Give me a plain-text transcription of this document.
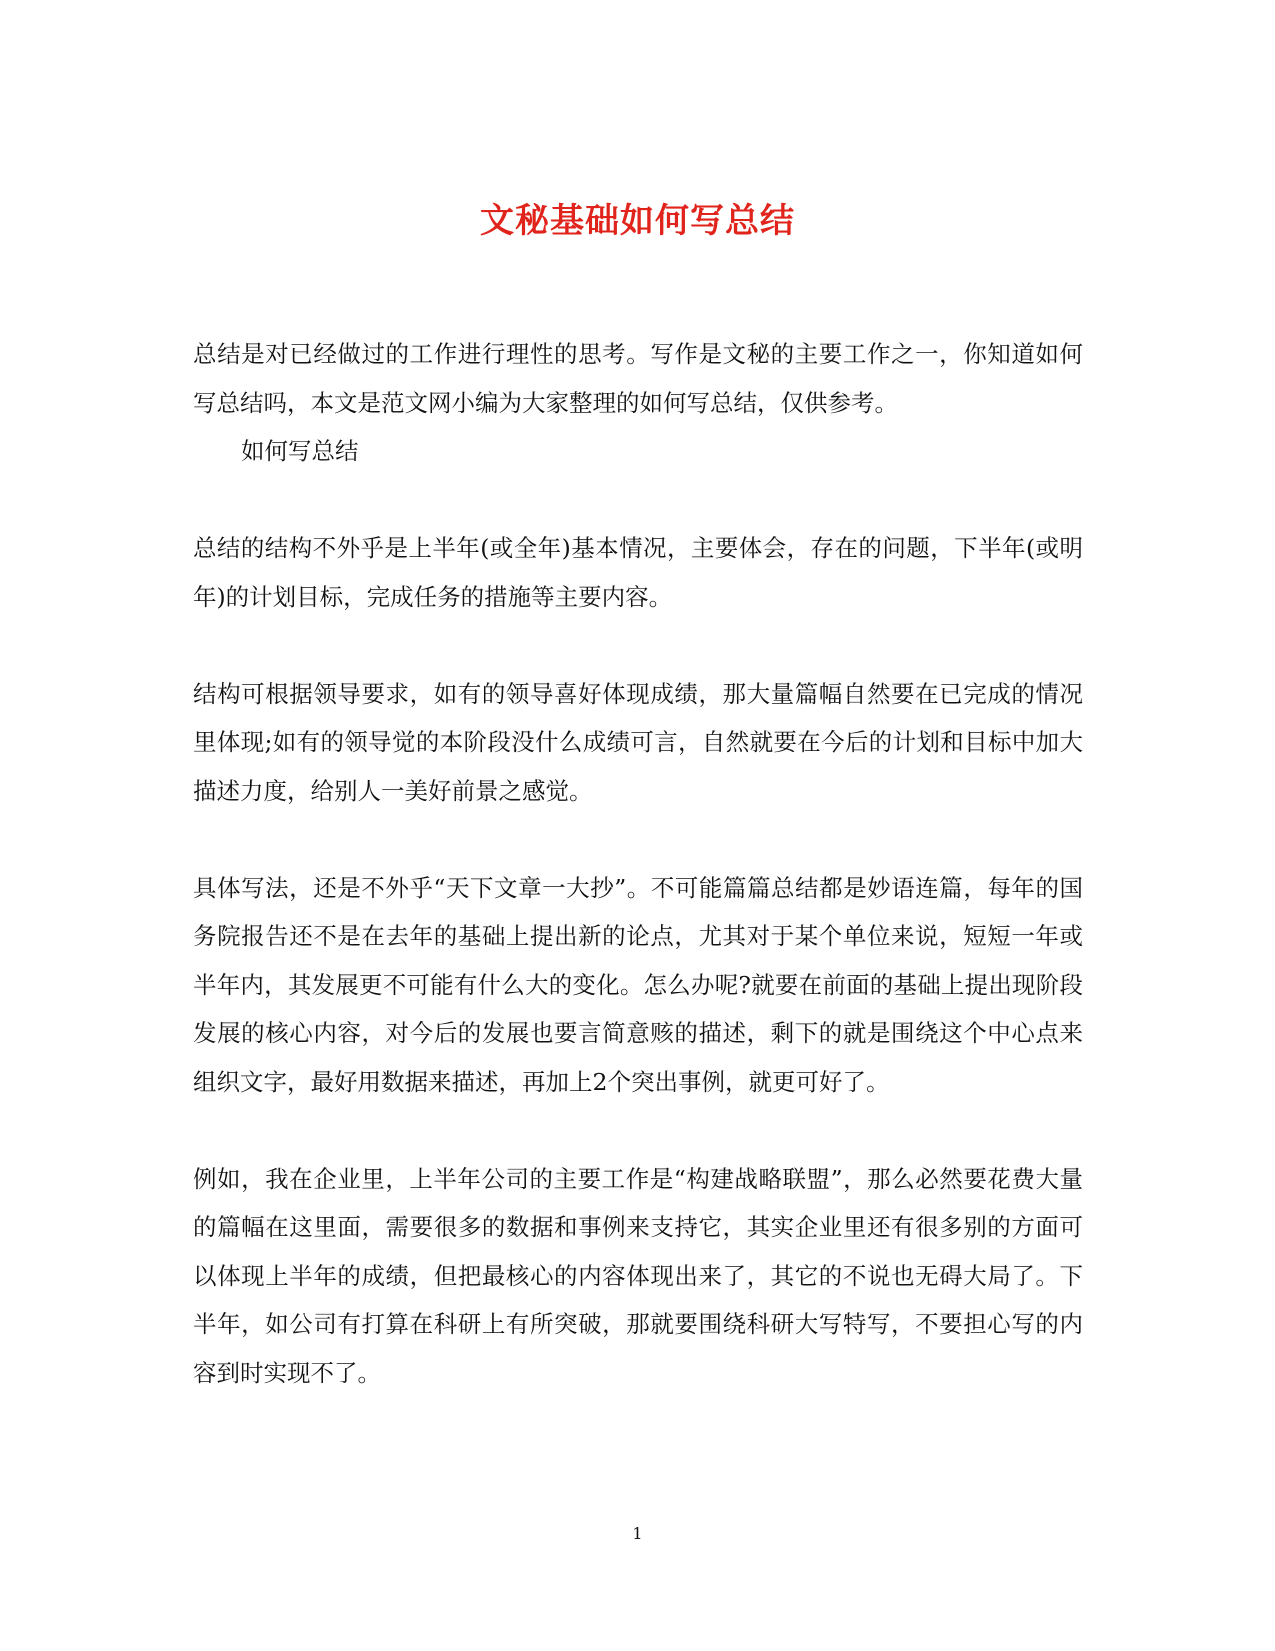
文秘基础如何写总结

总结是对已经做过的工作进行理性的思考。写作是文秘的主要工作之一，你知道如何写总结吗，本文是范文网小编为大家整理的如何写总结，仅供参考。

如何写总结

总结的结构不外乎是上半年(或全年)基本情况，主要体会，存在的问题，下半年(或明年)的计划目标，完成任务的措施等主要内容。

结构可根据领导要求，如有的领导喜好体现成绩，那大量篇幅自然要在已完成的情况里体现;如有的领导觉的本阶段没什么成绩可言，自然就要在今后的计划和目标中加大描述力度，给别人一美好前景之感觉。

具体写法，还是不外乎“天下文章一大抄”。不可能篇篇总结都是妙语连篇，每年的国务院报告还不是在去年的基础上提出新的论点，尤其对于某个单位来说，短短一年或半年内，其发展更不可能有什么大的变化。怎么办呢?就要在前面的基础上提出现阶段发展的核心内容，对今后的发展也要言简意赅的描述，剩下的就是围绕这个中心点来组织文字，最好用数据来描述，再加上2个突出事例，就更可好了。

例如，我在企业里，上半年公司的主要工作是“构建战略联盟”，那么必然要花费大量的篇幅在这里面，需要很多的数据和事例来支持它，其实企业里还有很多别的方面可以体现上半年的成绩，但把最核心的内容体现出来了，其它的不说也无碍大局了。下半年，如公司有打算在科研上有所突破，那就要围绕科研大写特写，不要担心写的内容到时实现不了。

1
